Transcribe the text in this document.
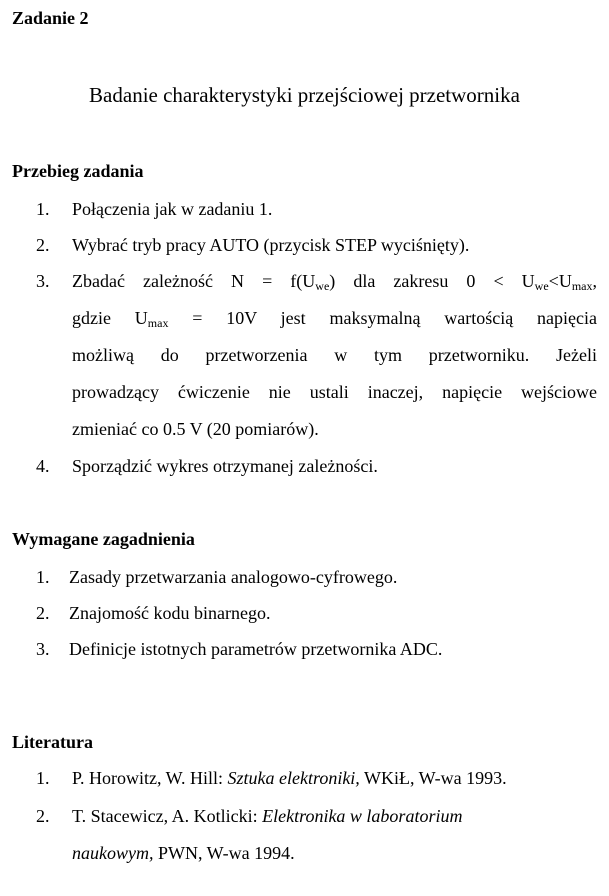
Zadanie 2
Badanie charakterystyki przejściowej przetwornika
Przebieg zadania
1. Połączenia jak w zadaniu 1.
2. Wybrać tryb pracy AUTO (przycisk STEP wyciśnięty).
3. Zbadać zależność $N = f(U_{we})$ dla zakresu $0 < U_{we}<U_{max}$,
gdzie $U_{max} = 10V$ jest maksymalną wartością napięcia
możliwą do przetworzenia w tym przetworniku. Jeżeli
prowadzący ćwiczenie nie ustali inaczej, napięcie wejściowe
zmieniać co 0.5 V (20 pomiarów).
4. Sporządzić wykres otrzymanej zależności.
Wymagane zagadnienia
1. Zasady przetwarzania analogowo-cyfrowego.
2. Znajomość kodu binarnego.
3. Definicje istotnych parametrów przetwornika ADC.
Literatura
1. P. Horowitz, W. Hill: Sztuka elektroniki, WKiŁ, W-wa 1993.
2. T. Stacewicz, A. Kotlicki: Elektronika w laboratorium
naukowym, PWN, W-wa 1994.
